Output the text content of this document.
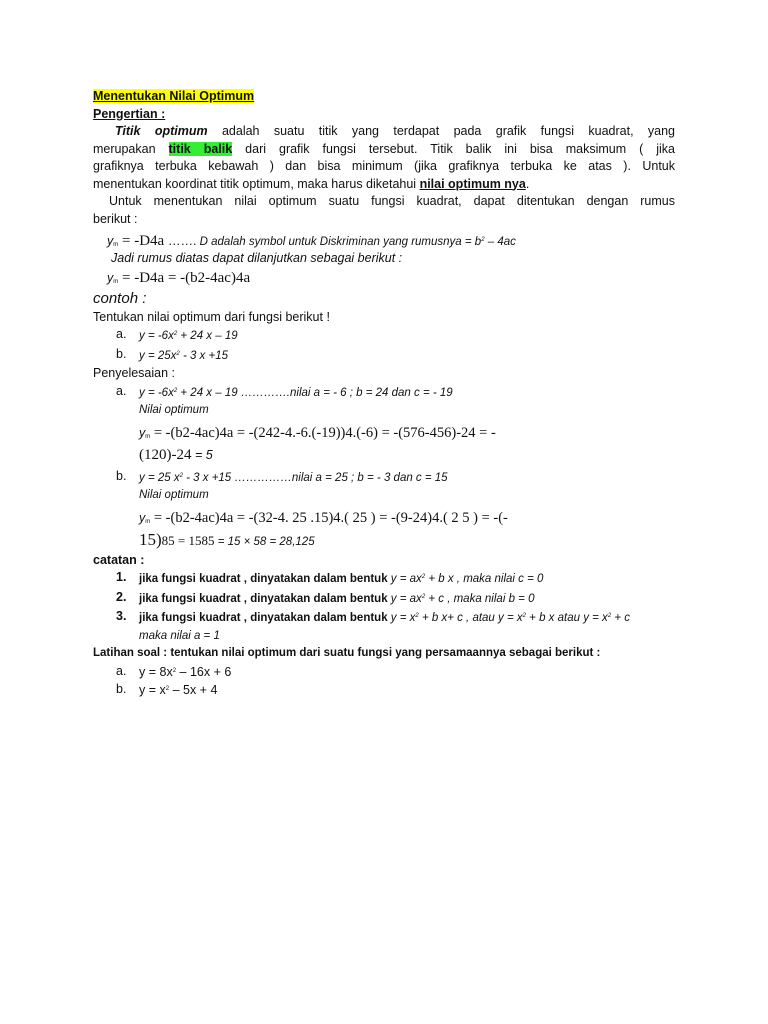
Menentukan Nilai Optimum
Pengertian :
Titik optimum adalah suatu titik yang terdapat pada grafik fungsi kuadrat, yang
merupakan titik balik dari grafik fungsi tersebut. Titik balik ini bisa maksimum ( jika
grafiknya terbuka kebawah ) dan bisa minimum (jika grafiknya terbuka ke atas ). Untuk
menentukan koordinat titik optimum, maka harus diketahui nilai optimum nya.
Untuk menentukan nilai optimum suatu fungsi kuadrat, dapat ditentukan dengan rumus
berikut :
ym = -D4a ……. D adalah symbol untuk Diskriminan yang rumusnya = $b^2 - 4ac$
Jadi rumus diatas dapat dilanjutkan sebagai berikut :
ym = -D4a = -(b2-4ac)4a
contoh :
Tentukan nilai optimum dari fungsi berikut !
a. $y = -6x^2 + 24$ x – 19
b. $y = 25x^2 - 3$ x +15
Penyelesaian :
a. $y = -6x^2 + 24$ x – 19 ………….nilai a = - 6 ; b = 24 dan c = - 19
Nilai optimum
ym = -(b2-4ac)4a = -(242-4.-6.(-19))4.(-6) = -(576-456)-24 = -
(120)-24 = 5
b. y = 25 $x^2 - 3$ x +15 ……………nilai a = 25 ; b = - 3 dan c = 15
Nilai optimum
ym = -(b2-4ac)4a = -(32-4. 25 .15)4.( 25 ) = -(9-24)4.( 2 5 ) = -(-
15)85 = 1585 = 15 × 58 = 28,125
catatan :
1. jika fungsi kuadrat , dinyatakan dalam bentuk $y = ax^2 + b$ x , maka nilai c = 0
2. jika fungsi kuadrat , dinyatakan dalam bentuk $y = ax^2 + c$ , maka nilai b = 0
3. jika fungsi kuadrat , dinyatakan dalam bentuk $y = x^2 + b$ x+ c , atau $y = x^2 + b$ x atau $y = x^2 + c$
maka nilai a = 1
Latihan soal : tentukan nilai optimum dari suatu fungsi yang persamaannya sebagai berikut :
a. $y = 8x^2 - 16x + 6$
b. $y = x^2 - 5x + 4$
